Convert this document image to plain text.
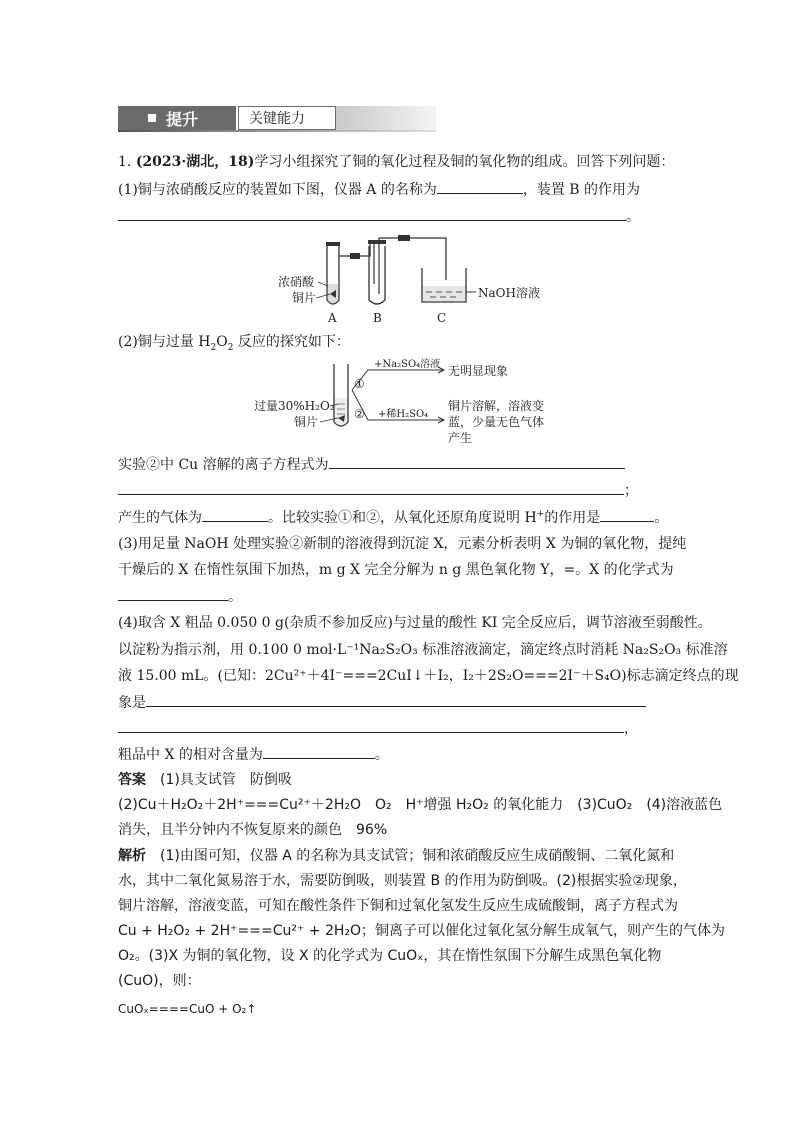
提升	关键能力
1. (2023·湖北，18)学习小组探究了铜的氧化过程及铜的氧化物的组成。回答下列问题：
(1)铜与浓硝酸反应的装置如下图，仪器 A 的名称为	，装置 B 的作用为
。
浓硝酸
铜片	NaOH溶液
A	B	C
(2)铜与过量 $H_2O_2$ 反应的探究如下：
过量30%H₂O₂
铜片
①
②
+Na₂SO₄溶液
+稀H₂SO₄
无明显现象
铜片溶解，溶液变
蓝，少量无色气体
产生
实验②中 Cu 溶解的离子方程式为
；
产生的气体为	。比较实验①和②，从氧化还原角度说明 H+的作用是	。
(3)用足量 NaOH 处理实验②新制的溶液得到沉淀 X，元素分析表明 X 为铜的氧化物，提纯
干燥后的 X 在惰性氛围下加热，m g X 完全分解为 n g 黑色氧化物 Y，=。X 的化学式为
。
(4)取含 X 粗品 0.050 0 g(杂质不参加反应)与过量的酸性 KI 完全反应后，调节溶液至弱酸性。
以淀粉为指示剂，用 0.100 0 mol·L⁻¹Na₂S₂O₃ 标准溶液滴定，滴定终点时消耗 Na₂S₂O₃ 标准溶
液 15.00 mL。(已知：2Cu²⁺＋4I⁻===2CuI↓＋I₂，I₂＋2S₂O===2I⁻＋S₄O)标志滴定终点的现
象是
，
粗品中 X 的相对含量为	。
答案　 (1)具支试管　防倒吸
(2)Cu＋H₂O₂＋2H⁺===Cu²⁺＋2H₂O　O₂　H⁺增强 H₂O₂ 的氧化能力　(3)CuO₂　(4)溶液蓝色
消失，且半分钟内不恢复原来的颜色　96%
解析　(1)由图可知，仪器 A 的名称为具支试管；铜和浓硝酸反应生成硝酸铜、二氧化氮和
水，其中二氧化氮易溶于水，需要防倒吸，则装置 B 的作用为防倒吸。(2)根据实验②现象，
铜片溶解，溶液变蓝，可知在酸性条件下铜和过氧化氢发生反应生成硫酸铜，离子方程式为
Cu + H₂O₂ + 2H⁺===Cu²⁺ + 2H₂O；铜离子可以催化过氧化氢分解生成氧气，则产生的气体为
O₂。(3)X 为铜的氧化物，设 X 的化学式为 CuOₓ，其在惰性氛围下分解生成黑色氧化物
(CuO)，则：
CuOₓ====CuO + O₂↑
